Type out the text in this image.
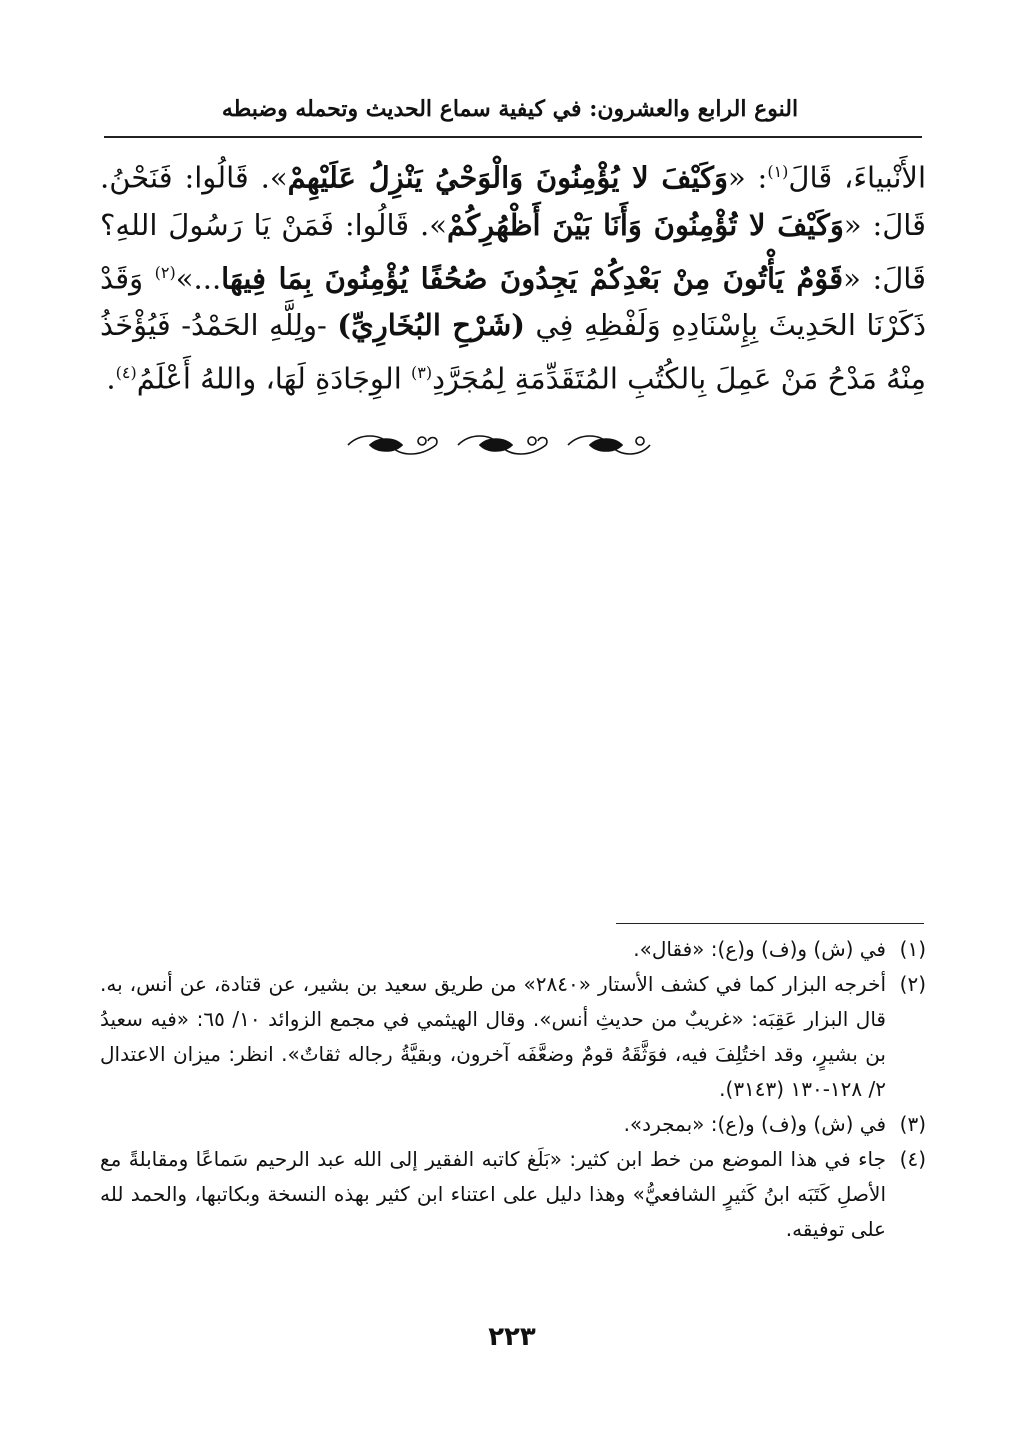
النوع الرابع والعشرون: في كيفية سماع الحديث وتحمله وضبطه
الأَنْبياءَ، قَالَ$^{(١)}$: «وَكَيْفَ لا يُؤْمِنُونَ وَالْوَحْيُ يَنْزِلُ عَلَيْهِمْ». قَالُوا: فَنَحْنُ. قَالَ: «وَكَيْفَ لا تُؤْمِنُونَ وَأَنَا بَيْنَ أَظْهُرِكُمْ». قَالُوا: فَمَنْ يَا رَسُولَ اللهِ؟ قَالَ: «قَوْمٌ يَأْتُونَ مِنْ بَعْدِكُمْ يَجِدُونَ صُحُفًا يُؤْمِنُونَ بِمَا فِيهَا...»$^{(٢)}$ وَقَدْ ذَكَرْنَا الحَدِيثَ بِإِسْنَادِهِ وَلَفْظِهِ فِي (شَرْحِ البُخَارِيِّ) -ولِلَّهِ الحَمْدُ- فَيُؤْخَذُ مِنْهُ مَدْحُ مَنْ عَمِلَ بِالكُتُبِ المُتَقَدِّمَةِ لِمُجَرَّدِ$^{(٣)}$ الوِجَادَةِ لَهَا، واللهُ أَعْلَمُ$^{(٤)}$.
(١)
في (ش) و(ف) و(ع): «فقال».
(٢)
أخرجه البزار كما في كشف الأستار «٢٨٤٠» من طريق سعيد بن بشير، عن قتادة، عن أنس، به. قال البزار عَقِبَه: «غريبٌ من حديثِ أنس». وقال الهيثمي في مجمع الزوائد ١٠/ ٦٥: «فيه سعيدُ بن بشيرٍ، وقد اختُلِفَ فيه، فوَثَّقَهُ قومٌ وضعَّفَه آخرون، وبقيَّةُ رجاله ثقاتٌ». انظر: ميزان الاعتدال ٢/ ١٢٨-١٣٠ (٣١٤٣).
(٣)
في (ش) و(ف) و(ع): «بمجرد».
(٤)
جاء في هذا الموضع من خط ابن كثير: «بَلَغ كاتبه الفقير إلى الله عبد الرحيم سَماعًا ومقابلةً مع الأصلِ كَتَبَه ابنُ كَثيرٍ الشافعيُّ» وهذا دليل على اعتناء ابن كثير بهذه النسخة وبكاتبها، والحمد لله على توفيقه.
٢٢٣
